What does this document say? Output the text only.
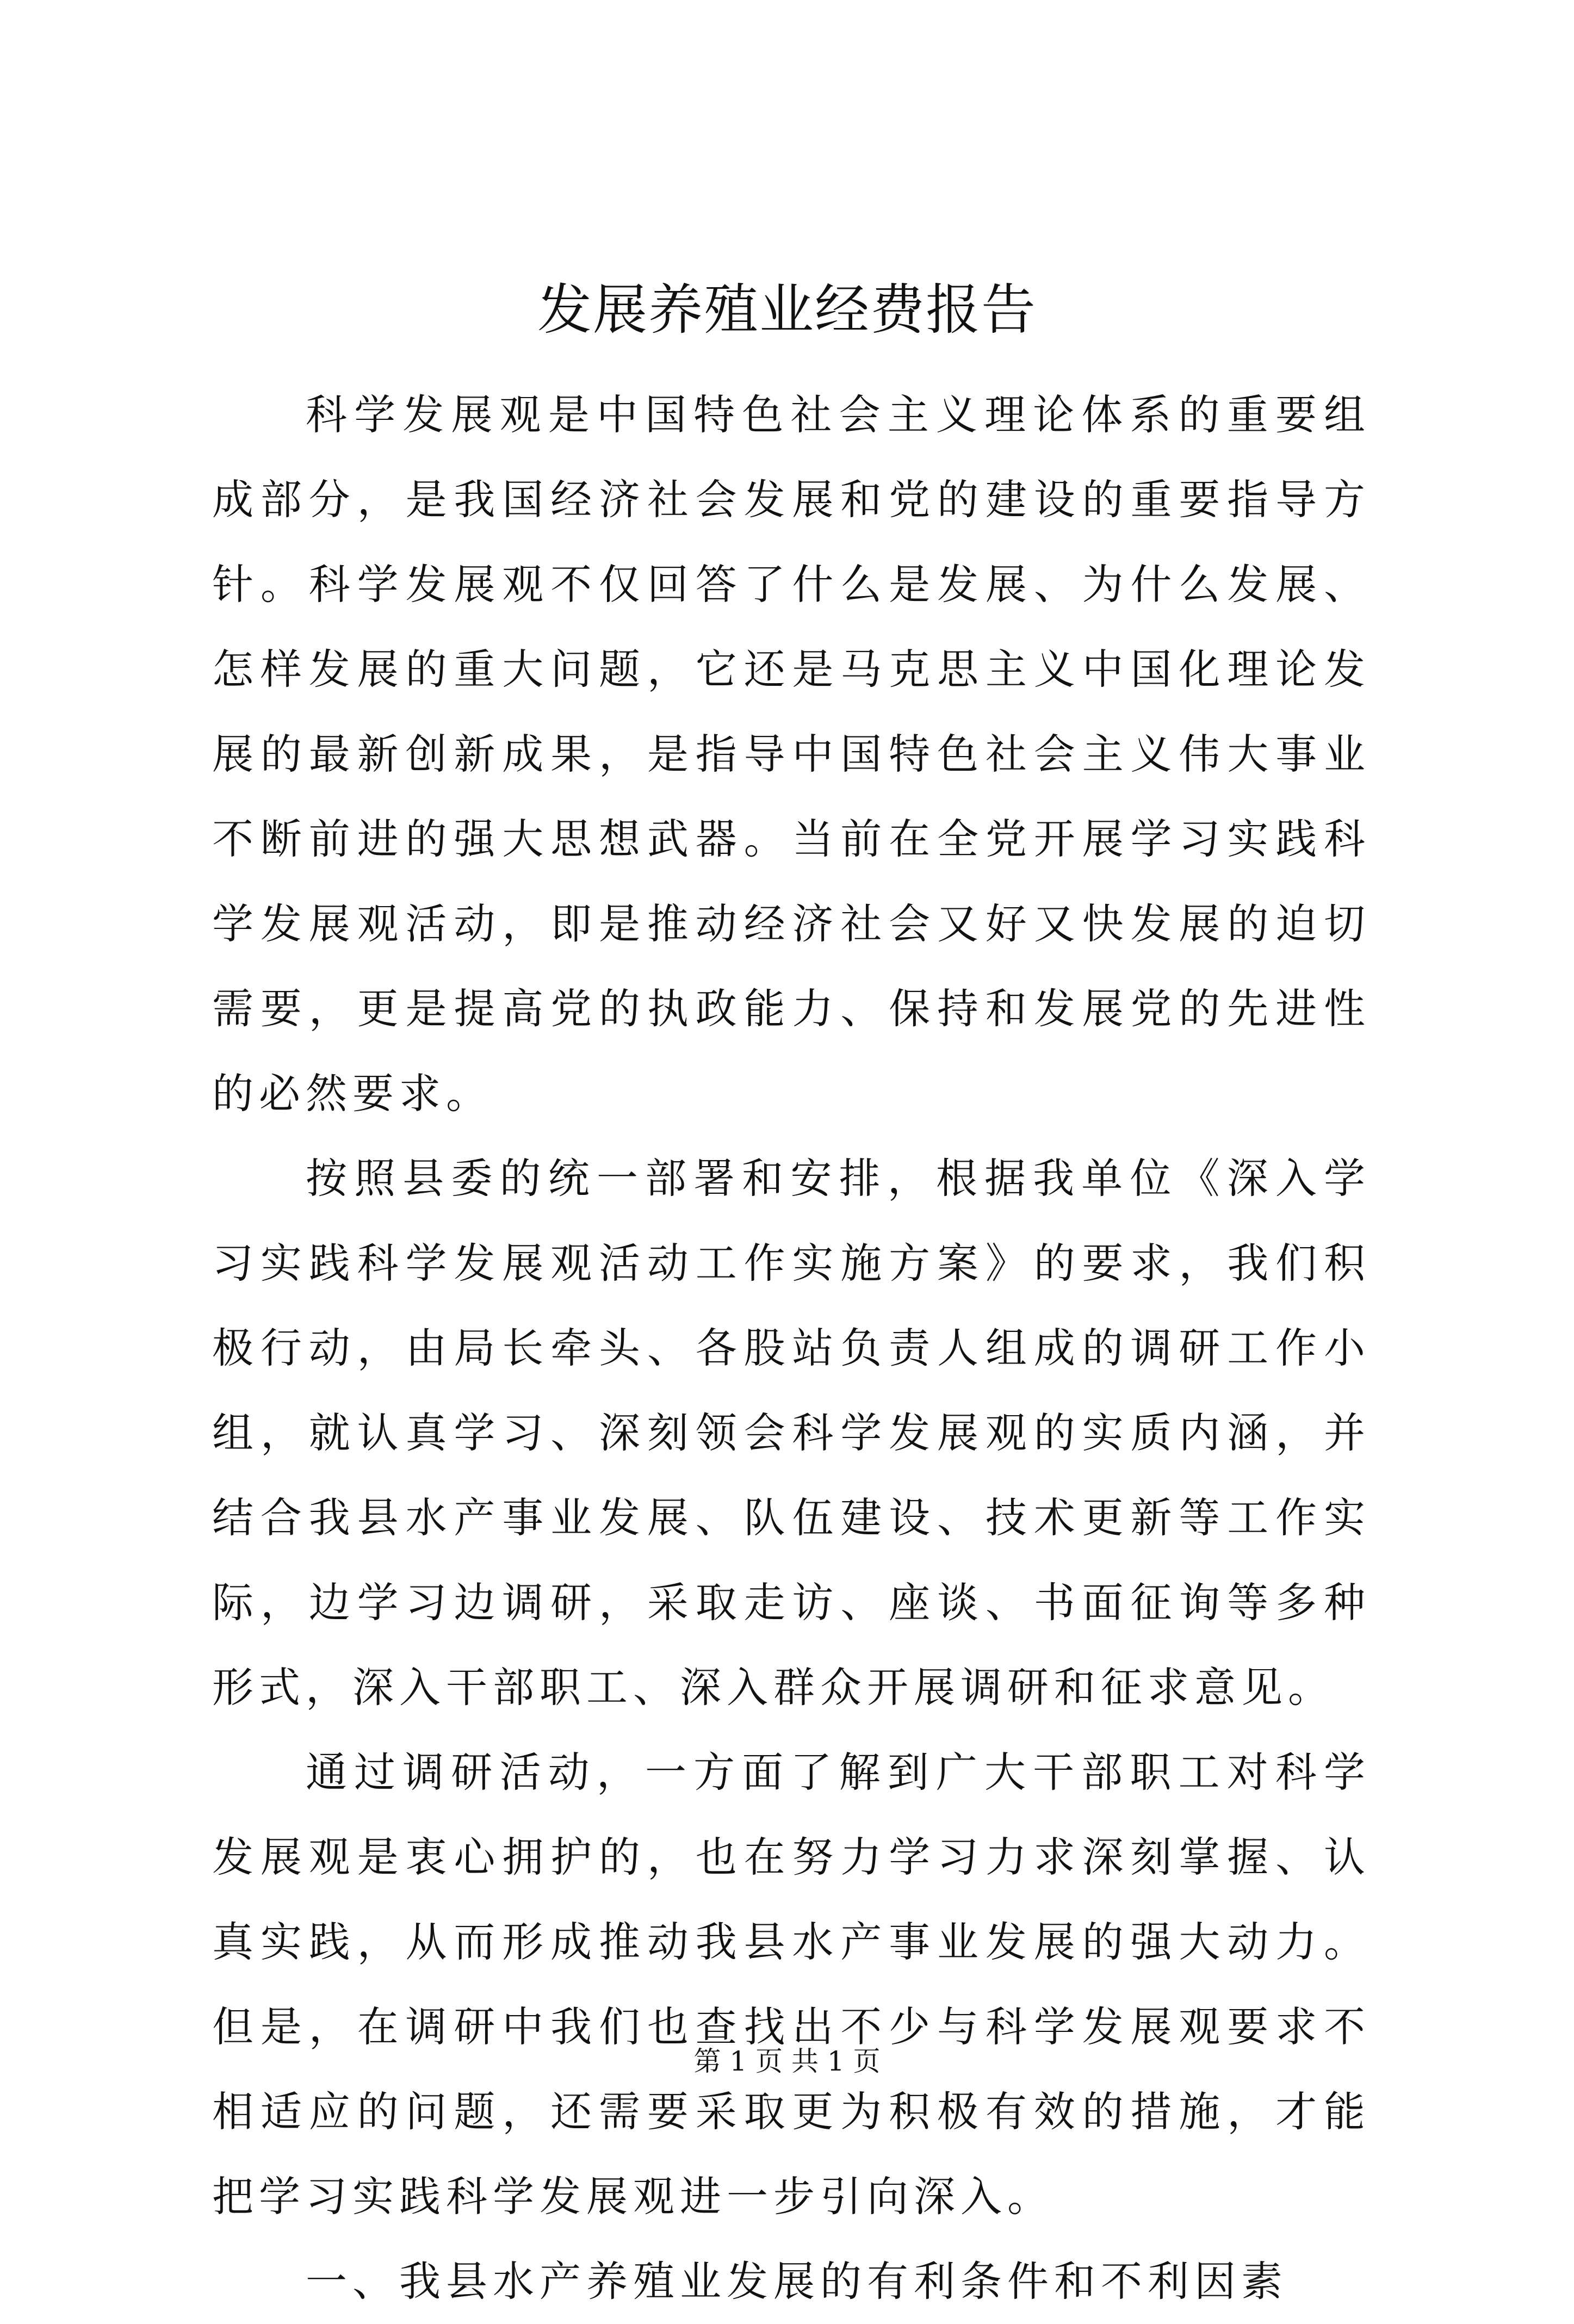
发展养殖业经费报告

科学发展观是中国特色社会主义理论体系的重要组成部分，是我国经济社会发展和党的建设的重要指导方针。科学发展观不仅回答了什么是发展、为什么发展、怎样发展的重大问题，它还是马克思主义中国化理论发展的最新创新成果，是指导中国特色社会主义伟大事业不断前进的强大思想武器。当前在全党开展学习实践科学发展观活动，即是推动经济社会又好又快发展的迫切需要，更是提高党的执政能力、保持和发展党的先进性的必然要求。

按照县委的统一部署和安排，根据我单位《深入学习实践科学发展观活动工作实施方案》的要求，我们积极行动，由局长牵头、各股站负责人组成的调研工作小组，就认真学习、深刻领会科学发展观的实质内涵，并结合我县水产事业发展、队伍建设、技术更新等工作实际，边学习边调研，采取走访、座谈、书面征询等多种形式，深入干部职工、深入群众开展调研和征求意见。

通过调研活动，一方面了解到广大干部职工对科学发展观是衷心拥护的，也在努力学习力求深刻掌握、认真实践，从而形成推动我县水产事业发展的强大动力。但是，在调研中我们也查找出不少与科学发展观要求不相适应的问题，还需要采取更为积极有效的措施，才能把学习实践科学发展观进一步引向深入。

一、我县水产养殖业发展的有利条件和不利因素

第 1 页 共 1 页
